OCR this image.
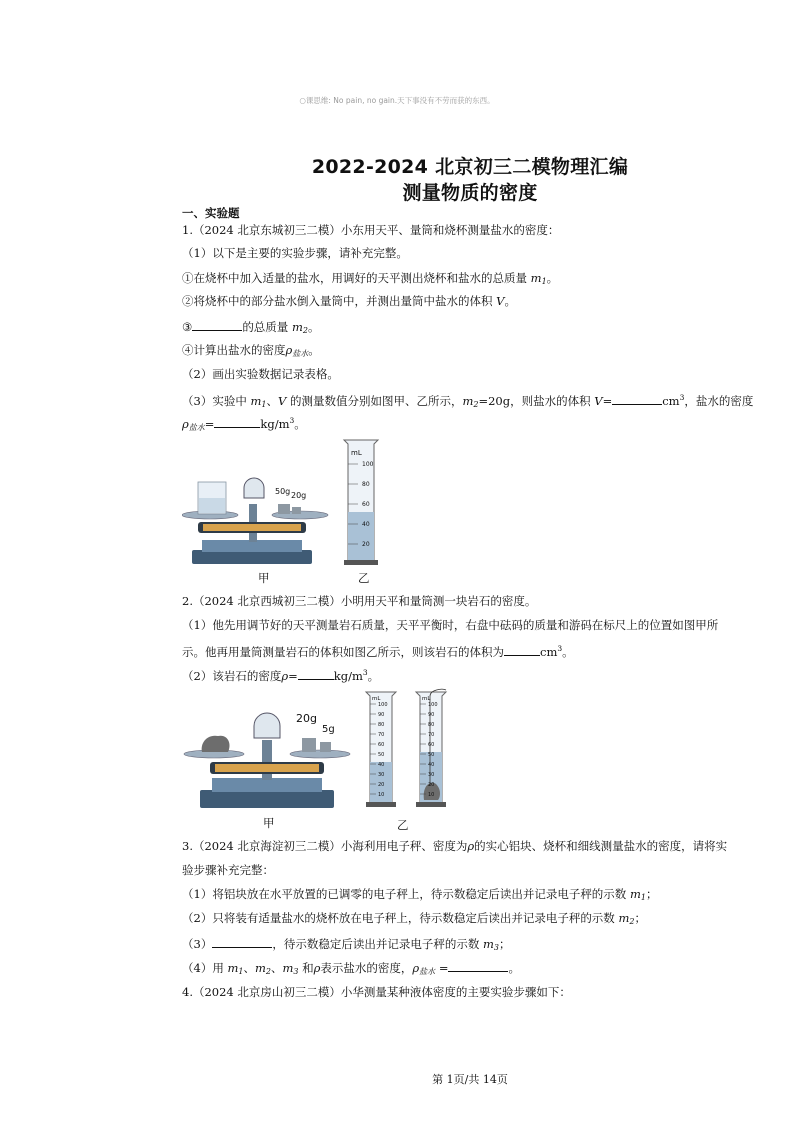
○课思维: No pain, no gain.天下事没有不劳而获的东西。
2022-2024 北京初三二模物理汇编
测量物质的密度
一、实验题
1.（2024 北京东城初三二模）小东用天平、量筒和烧杯测量盐水的密度：
（1）以下是主要的实验步骤，请补充完整。
①在烧杯中加入适量的盐水，用调好的天平测出烧杯和盐水的总质量 $m_1$。
②将烧杯中的部分盐水倒入量筒中，并测出量筒中盐水的体积 V。
③	的总质量 $m_2$。
④计算出盐水的密度$\rho_{盐水}$。
（2）画出实验数据记录表格。
（3）实验中 $m_1$、V 的测量数值分别如图甲、乙所示，$m_2=20g$，则盐水的体积 V=	$cm^3$，盐水的密度
$\rho_{盐水}=$	$kg/m^3$。
50g 20g
甲
mL
100
80
60
40
20
乙
2.（2024 北京西城初三二模）小明用天平和量筒测一块岩石的密度。
（1）他先用调节好的天平测量岩石质量，天平平衡时，右盘中砝码的质量和游码在标尺上的位置如图甲所
示。他再用量筒测量岩石的体积如图乙所示，则该岩石的体积为	$cm^3$。
（2）该岩石的密度ρ=	$kg/m^3$。
20g
5g
甲
mL	mL
100
90
80
70
60
50
40
30
20
10
100
90
80
70
60
50
40
30
20
10
乙
3.（2024 北京海淀初三二模）小海利用电子秤、密度为ρ的实心铝块、烧杯和细线测量盐水的密度，请将实
验步骤补充完整：
（1）将铝块放在水平放置的已调零的电子秤上，待示数稳定后读出并记录电子秤的示数 $m_1$；
（2）只将装有适量盐水的烧杯放在电子秤上，待示数稳定后读出并记录电子秤的示数 $m_2$；
（3）	，待示数稳定后读出并记录电子秤的示数 $m_3$；
（4）用 $m_1$、$m_2$、$m_3$ 和ρ表示盐水的密度，$\rho_{盐水}$ =	。
4.（2024 北京房山初三二模）小华测量某种液体密度的主要实验步骤如下：
第 1页/共 14页
